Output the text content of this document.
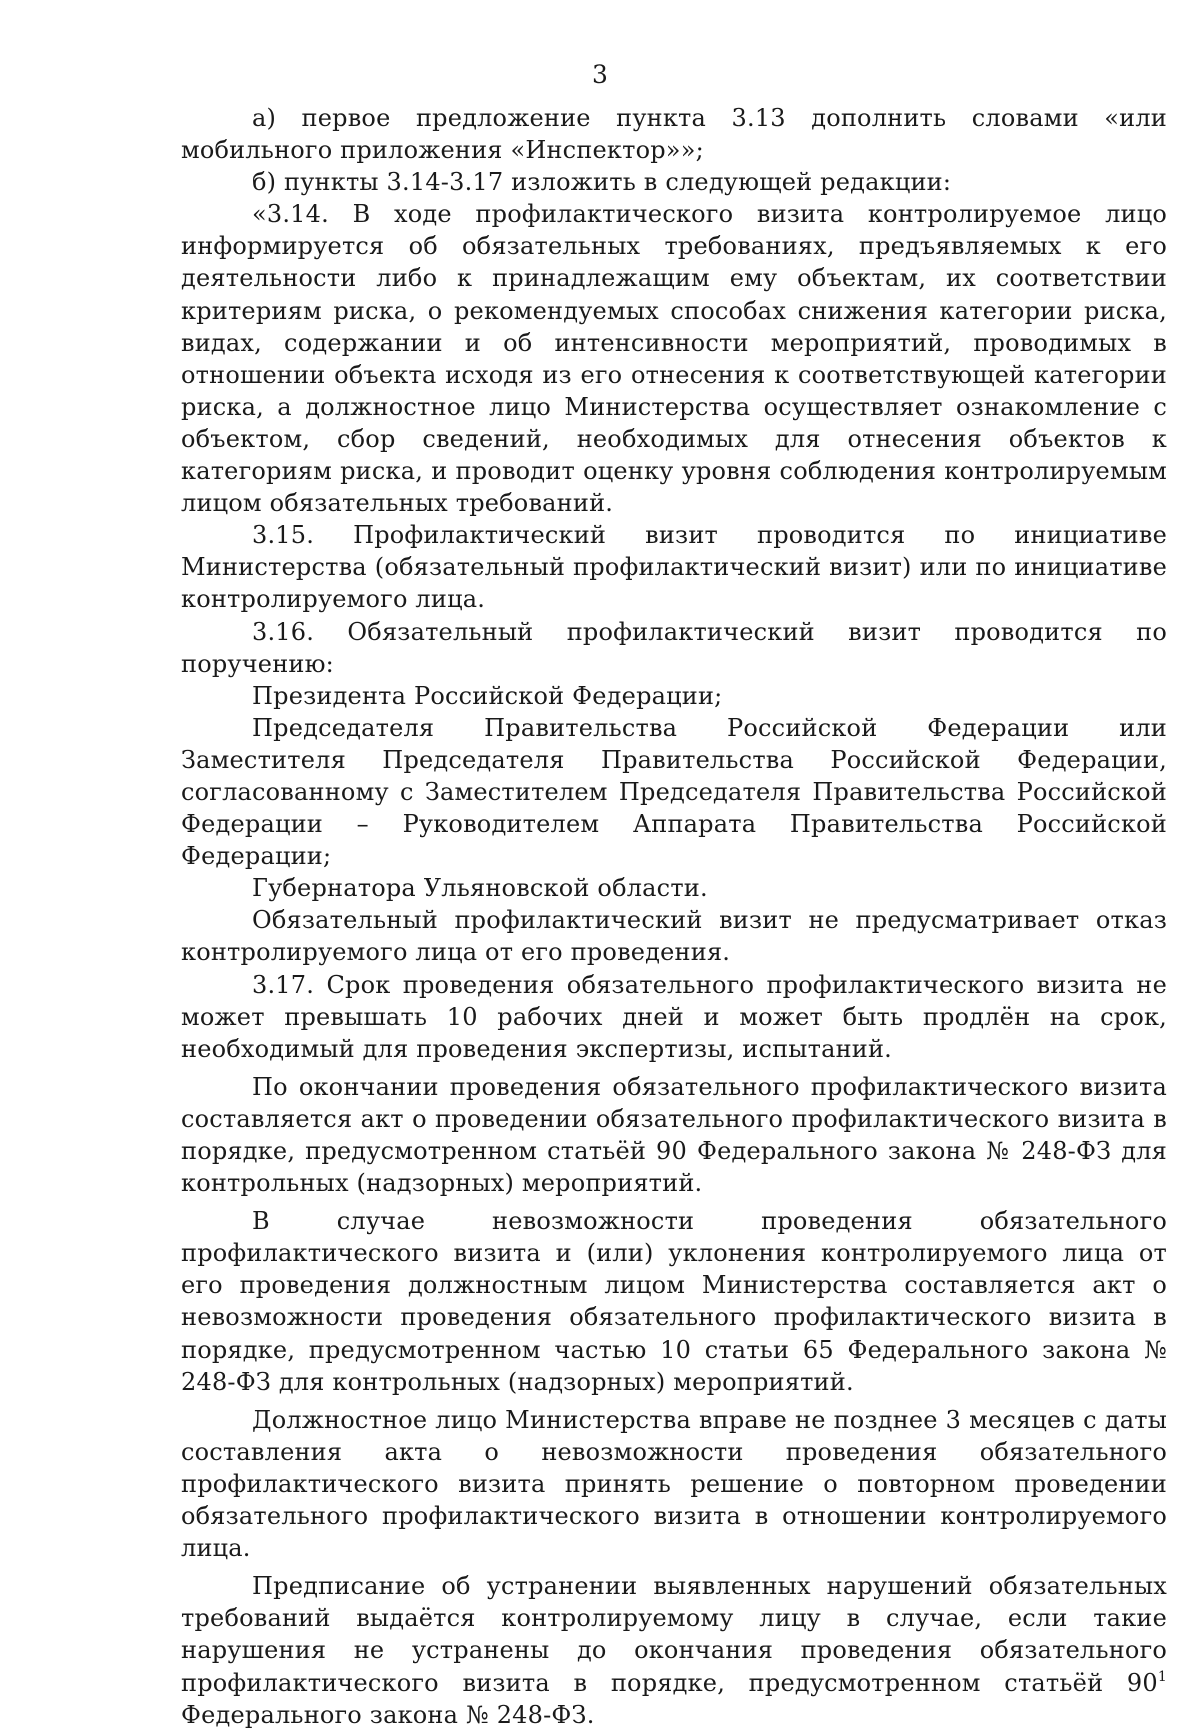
3

а) первое предложение пункта 3.13 дополнить словами «или мобильного приложения «Инспектор»»;

б) пункты 3.14-3.17 изложить в следующей редакции:

«3.14. В ходе профилактического визита контролируемое лицо информируется об обязательных требованиях, предъявляемых к его деятельности либо к принадлежащим ему объектам, их соответствии критериям риска, о рекомендуемых способах снижения категории риска, видах, содержании и об интенсивности мероприятий, проводимых в отношении объекта исходя из его отнесения к соответствующей категории риска, а должностное лицо Министерства осуществляет ознакомление с объектом, сбор сведений, необходимых для отнесения объектов к категориям риска, и проводит оценку уровня соблюдения контролируемым лицом обязательных требований.

3.15. Профилактический визит проводится по инициативе Министерства (обязательный профилактический визит) или по инициативе контролируемого лица.

3.16. Обязательный профилактический визит проводится по поручению:

Президента Российской Федерации;

Председателя Правительства Российской Федерации или Заместителя Председателя Правительства Российской Федерации, согласованному с Заместителем Председателя Правительства Российской Федерации – Руководителем Аппарата Правительства Российской Федерации;

Губернатора Ульяновской области.

Обязательный профилактический визит не предусматривает отказ контролируемого лица от его проведения.

3.17. Срок проведения обязательного профилактического визита не может превышать 10 рабочих дней и может быть продлён на срок, необходимый для проведения экспертизы, испытаний.

По окончании проведения обязательного профилактического визита составляется акт о проведении обязательного профилактического визита в порядке, предусмотренном статьёй 90 Федерального закона № 248-ФЗ для контрольных (надзорных) мероприятий.

В случае невозможности проведения обязательного профилактического визита и (или) уклонения контролируемого лица от его проведения должностным лицом Министерства составляется акт о невозможности проведения обязательного профилактического визита в порядке, предусмотренном частью 10 статьи 65 Федерального закона № 248-ФЗ для контрольных (надзорных) мероприятий.

Должностное лицо Министерства вправе не позднее 3 месяцев с даты составления акта о невозможности проведения обязательного профилактического визита принять решение о повторном проведении обязательного профилактического визита в отношении контролируемого лица.

Предписание об устранении выявленных нарушений обязательных требований выдаётся контролируемому лицу в случае, если такие нарушения не устранены до окончания проведения обязательного профилактического визита в порядке, предусмотренном статьёй $90^1$ Федерального закона № 248-ФЗ.
